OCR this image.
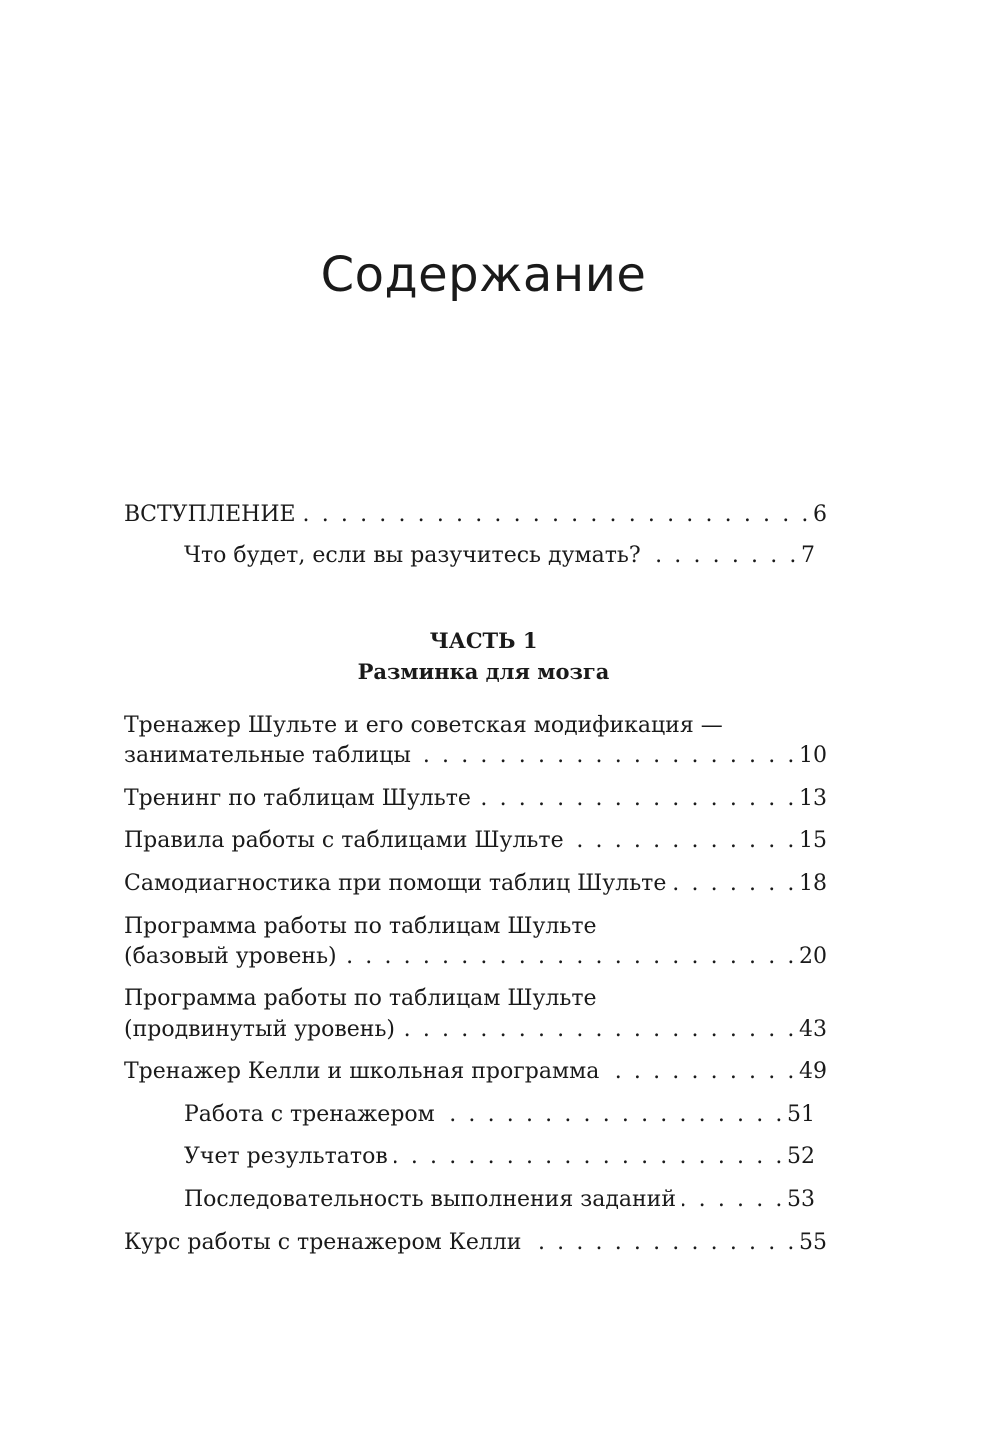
Содержание
ВСТУПЛЕНИЕ . . .	6
Что будет, если вы разучитесь думать? . . .	7
Тренажер Шульте и его советская модификация —
занимательные таблицы . . .	10
Тренинг по таблицам Шульте . . .	13
Правила работы с таблицами Шульте . . .	15
Самодиагностика при помощи таблиц Шульте . . .	18
Программа работы по таблицам Шульте
(базовый уровень) . . .	20
Программа работы по таблицам Шульте
(продвинутый уровень) . . .	43
Тренажер Келли и школьная программа . . .	49
Работа с тренажером . . .	51
Учет результатов . . .	52
Последовательность выполнения заданий . . .	53
Курс работы с тренажером Келли . . .	55
ЧАСТЬ 1
Разминка для мозга
